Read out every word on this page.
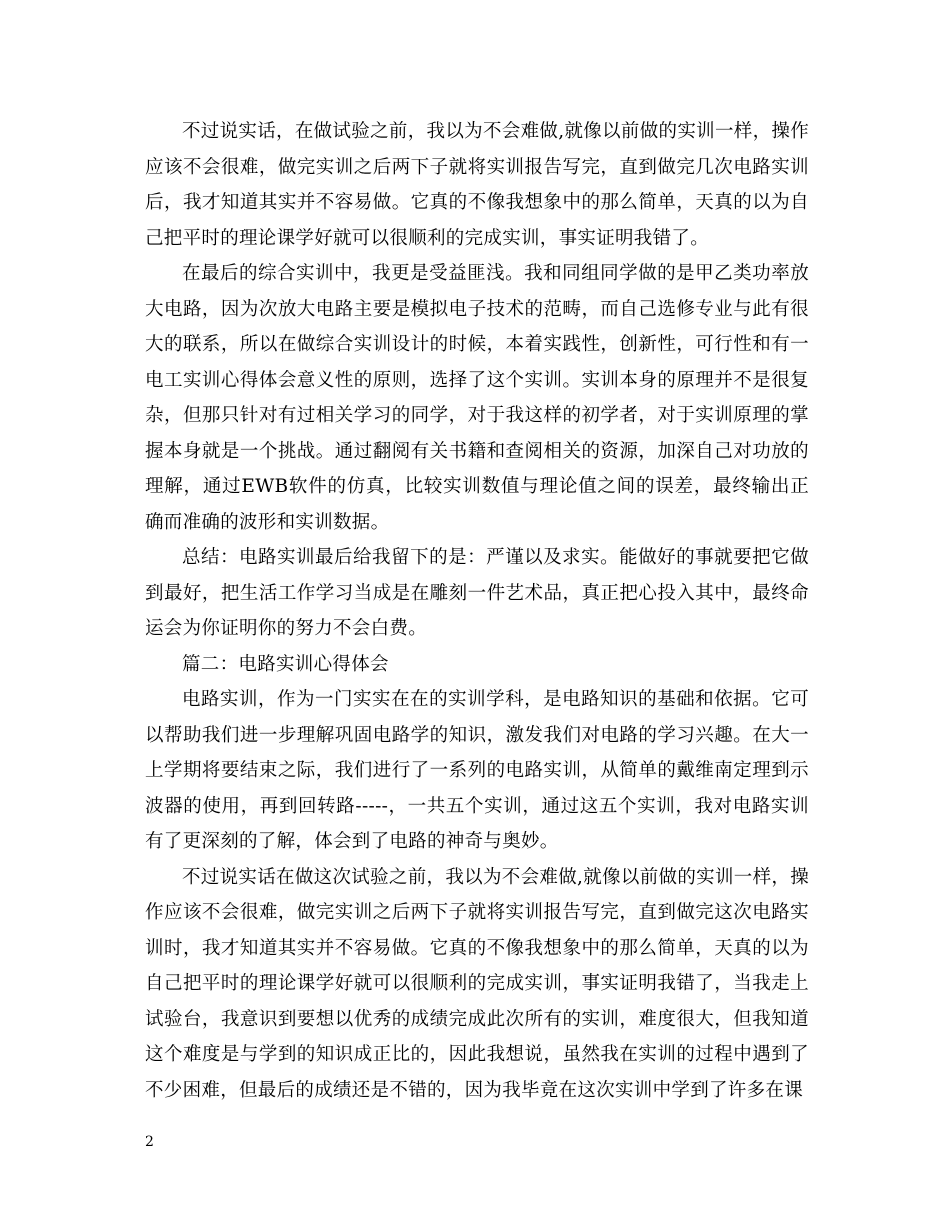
不过说实话，在做试验之前，我以为不会难做,就像以前做的实训一样，操作应该不会很难，做完实训之后两下子就将实训报告写完，直到做完几次电路实训后，我才知道其实并不容易做。它真的不像我想象中的那么简单，天真的以为自己把平时的理论课学好就可以很顺利的完成实训，事实证明我错了。

在最后的综合实训中，我更是受益匪浅。我和同组同学做的是甲乙类功率放大电路，因为次放大电路主要是模拟电子技术的范畴，而自己选修专业与此有很大的联系，所以在做综合实训设计的时候，本着实践性，创新性，可行性和有一电工实训心得体会意义性的原则，选择了这个实训。实训本身的原理并不是很复杂，但那只针对有过相关学习的同学，对于我这样的初学者，对于实训原理的掌握本身就是一个挑战。通过翻阅有关书籍和查阅相关的资源，加深自己对功放的理解，通过EWB软件的仿真，比较实训数值与理论值之间的误差，最终输出正确而准确的波形和实训数据。

总结：电路实训最后给我留下的是：严谨以及求实。能做好的事就要把它做到最好，把生活工作学习当成是在雕刻一件艺术品，真正把心投入其中，最终命运会为你证明你的努力不会白费。

篇二：电路实训心得体会

电路实训，作为一门实实在在的实训学科，是电路知识的基础和依据。它可以帮助我们进一步理解巩固电路学的知识，激发我们对电路的学习兴趣。在大一上学期将要结束之际，我们进行了一系列的电路实训，从简单的戴维南定理到示波器的使用，再到回转路-----，一共五个实训，通过这五个实训，我对电路实训有了更深刻的了解，体会到了电路的神奇与奥妙。

不过说实话在做这次试验之前，我以为不会难做,就像以前做的实训一样，操作应该不会很难，做完实训之后两下子就将实训报告写完，直到做完这次电路实训时，我才知道其实并不容易做。它真的不像我想象中的那么简单，天真的以为自己把平时的理论课学好就可以很顺利的完成实训，事实证明我错了，当我走上试验台，我意识到要想以优秀的成绩完成此次所有的实训，难度很大，但我知道这个难度是与学到的知识成正比的，因此我想说，虽然我在实训的过程中遇到了不少困难，但最后的成绩还是不错的，因为我毕竟在这次实训中学到了许多在课

2
